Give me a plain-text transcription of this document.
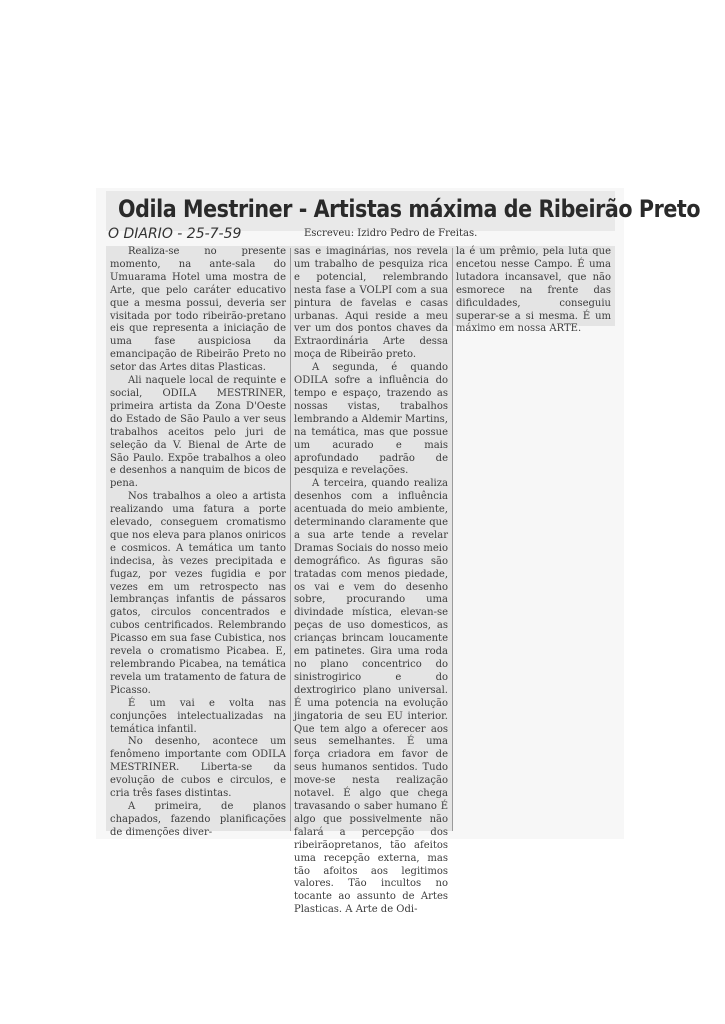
Odila Mestriner - Artistas máxima de Ribeirão Preto
O DIARIO - 25-7-59	Escreveu: Izidro Pedro de Freitas.

Realiza-se no presente momento, na ante-sala do Umuarama Hotel uma mostra de Arte, que pelo caráter educativo que a mesma possui, deveria ser visitada por todo ribeirão-pretano eis que representa a iniciação de uma fase auspiciosa da emancipação de Ribeirão Preto no setor das Artes ditas Plasticas.

Ali naquele local de requinte e social, ODILA MESTRINER, primeira artista da Zona D'Oeste do Estado de São Paulo a ver seus trabalhos aceitos pelo juri de seleção da V. Bienal de Arte de São Paulo. Expõe trabalhos a oleo e desenhos a nanquim de bicos de pena.

Nos trabalhos a oleo a artista realizando uma fatura a porte elevado, conseguem cromatismo que nos eleva para planos oniricos e cosmicos. A temática um tanto indecisa, às vezes precipitada e fugaz, por vezes fugidia e por vezes em um retrospecto nas lembranças infantis de pássaros gatos, circulos concentrados e cubos centrificados. Relembrando Picasso em sua fase Cubistica, nos revela o cromatismo Picabea. E, relembrando Picabea, na temática revela um tratamento de fatura de Picasso.

É um vai e volta nas conjunções intelectualizadas na temática infantil.

No desenho, acontece um fenômeno importante com ODILA MESTRINER. Liberta-se da evolução de cubos e circulos, e cria três fases distintas.

A primeira, de planos chapados, fazendo planificações de dimenções diver-

sas e imaginárias, nos revela um trabalho de pesquiza rica e potencial, relembrando nesta fase a VOLPI com a sua pintura de favelas e casas urbanas. Aqui reside a meu ver um dos pontos chaves da Extraordinária Arte dessa moça de Ribeirão preto.

A segunda, é quando ODILA sofre a influência do tempo e espaço, trazendo as nossas vistas, trabalhos lembrando a Aldemir Martins, na temática, mas que possue um acurado e mais aprofundado padrão de pesquiza e revelações.

A terceira, quando realiza desenhos com a influência acentuada do meio ambiente, determinando claramente que a sua arte tende a revelar Dramas Sociais do nosso meio demográfico. As figuras são tratadas com menos piedade, os vai e vem do desenho sobre, procurando uma divindade mística, elevan-se peças de uso domesticos, as crianças brincam loucamente em patinetes. Gira uma roda no plano concentrico do sinistrogirico e do dextrogirico plano universal. É uma potencia na evolução jingatoria de seu EU interior. Que tem algo a oferecer aos seus semelhantes. É uma força criadora em favor de seus humanos sentidos. Tudo move-se nesta realização notavel. É algo que chega travasando o saber humano É algo que possivelmente não falará a percepção dos ribeirãopretanos, tão afeitos uma recepção externa, mas tão afoitos aos legitimos valores. Tão incultos no tocante ao assunto de Artes Plasticas. A Arte de Odi-

la é um prêmio, pela luta que encetou nesse Campo. É uma lutadora incansavel, que não esmorece na frente das dificuldades, conseguiu superar-se a si mesma. É um máximo em nossa ARTE.
